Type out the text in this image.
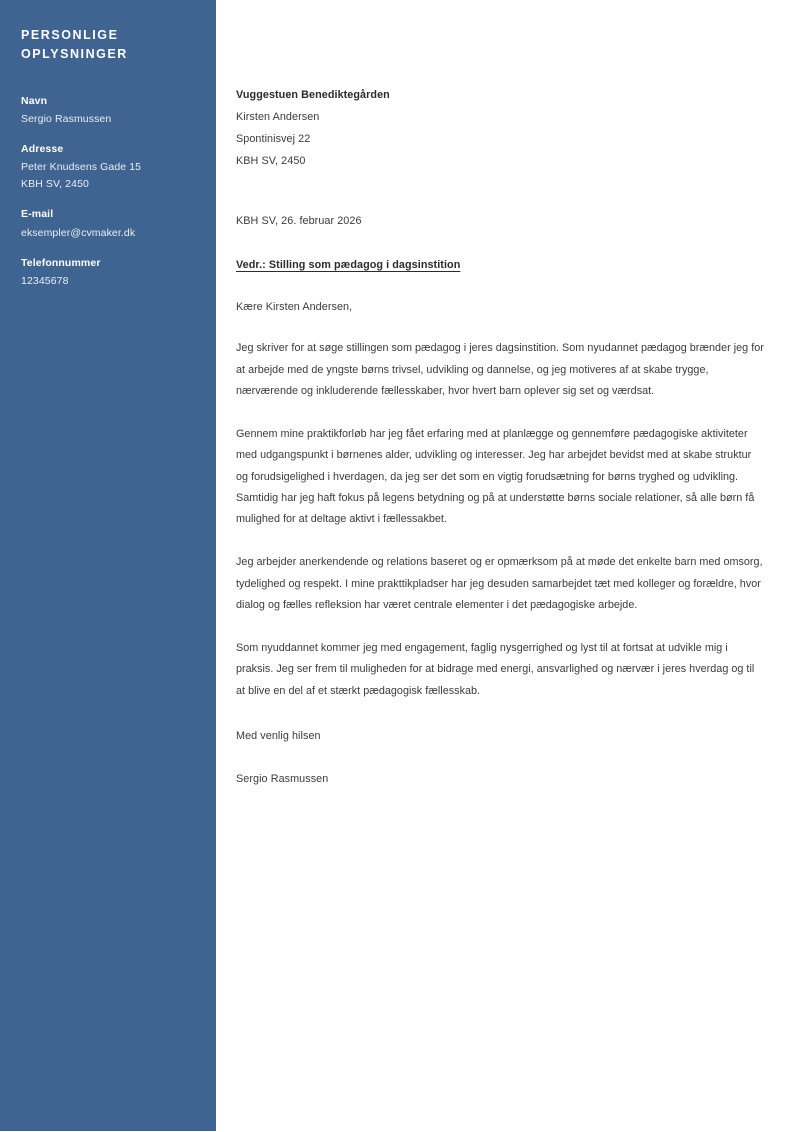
PERSONLIGE OPLYSNINGER
Navn
Sergio Rasmussen
Adresse
Peter Knudsens Gade 15
KBH SV, 2450
E-mail
eksempler@cvmaker.dk
Telefonnummer
12345678

Vuggestuen Benediktegården

Kirsten Andersen

Spontinisvej 22

KBH SV, 2450

KBH SV, 26. februar 2026

Vedr.: Stilling som pædagog i dagsinstition

Kære Kirsten Andersen,

Jeg skriver for at søge stillingen som pædagog i jeres dagsinstition. Som nyudannet pædagog brænder jeg for at arbejde med de yngste børns trivsel, udvikling og dannelse, og jeg motiveres af at skabe trygge, nærværende og inkluderende fællesskaber, hvor hvert barn oplever sig set og værdsat.

Gennem mine praktikforløb har jeg fået erfaring med at planlægge og gennemføre pædagogiske aktiviteter med udgangspunkt i børnenes alder, udvikling og interesser. Jeg har arbejdet bevidst med at skabe struktur og forudsigelighed i hverdagen, da jeg ser det som en vigtig forudsætning for børns tryghed og udvikling. Samtidig har jeg haft fokus på legens betydning og på at understøtte børns sociale relationer, så alle børn få mulighed for at deltage aktivt i fællessakbet.

Jeg arbejder anerkendende og relations baseret og er opmærksom på at møde det enkelte barn med omsorg, tydelighed og respekt. I mine prakttikpladser har jeg desuden samarbejdet tæt med kolleger og forældre, hvor dialog og fælles refleksion har været centrale elementer i det pædagogiske arbejde.

Som nyuddannet kommer jeg med engagement, faglig nysgerrighed og lyst til at fortsat at udvikle mig i praksis. Jeg ser frem til muligheden for at bidrage med energi, ansvarlighed og nærvær i jeres hverdag og til at blive en del af et stærkt pædagogisk fællesskab.

Med venlig hilsen

Sergio Rasmussen
